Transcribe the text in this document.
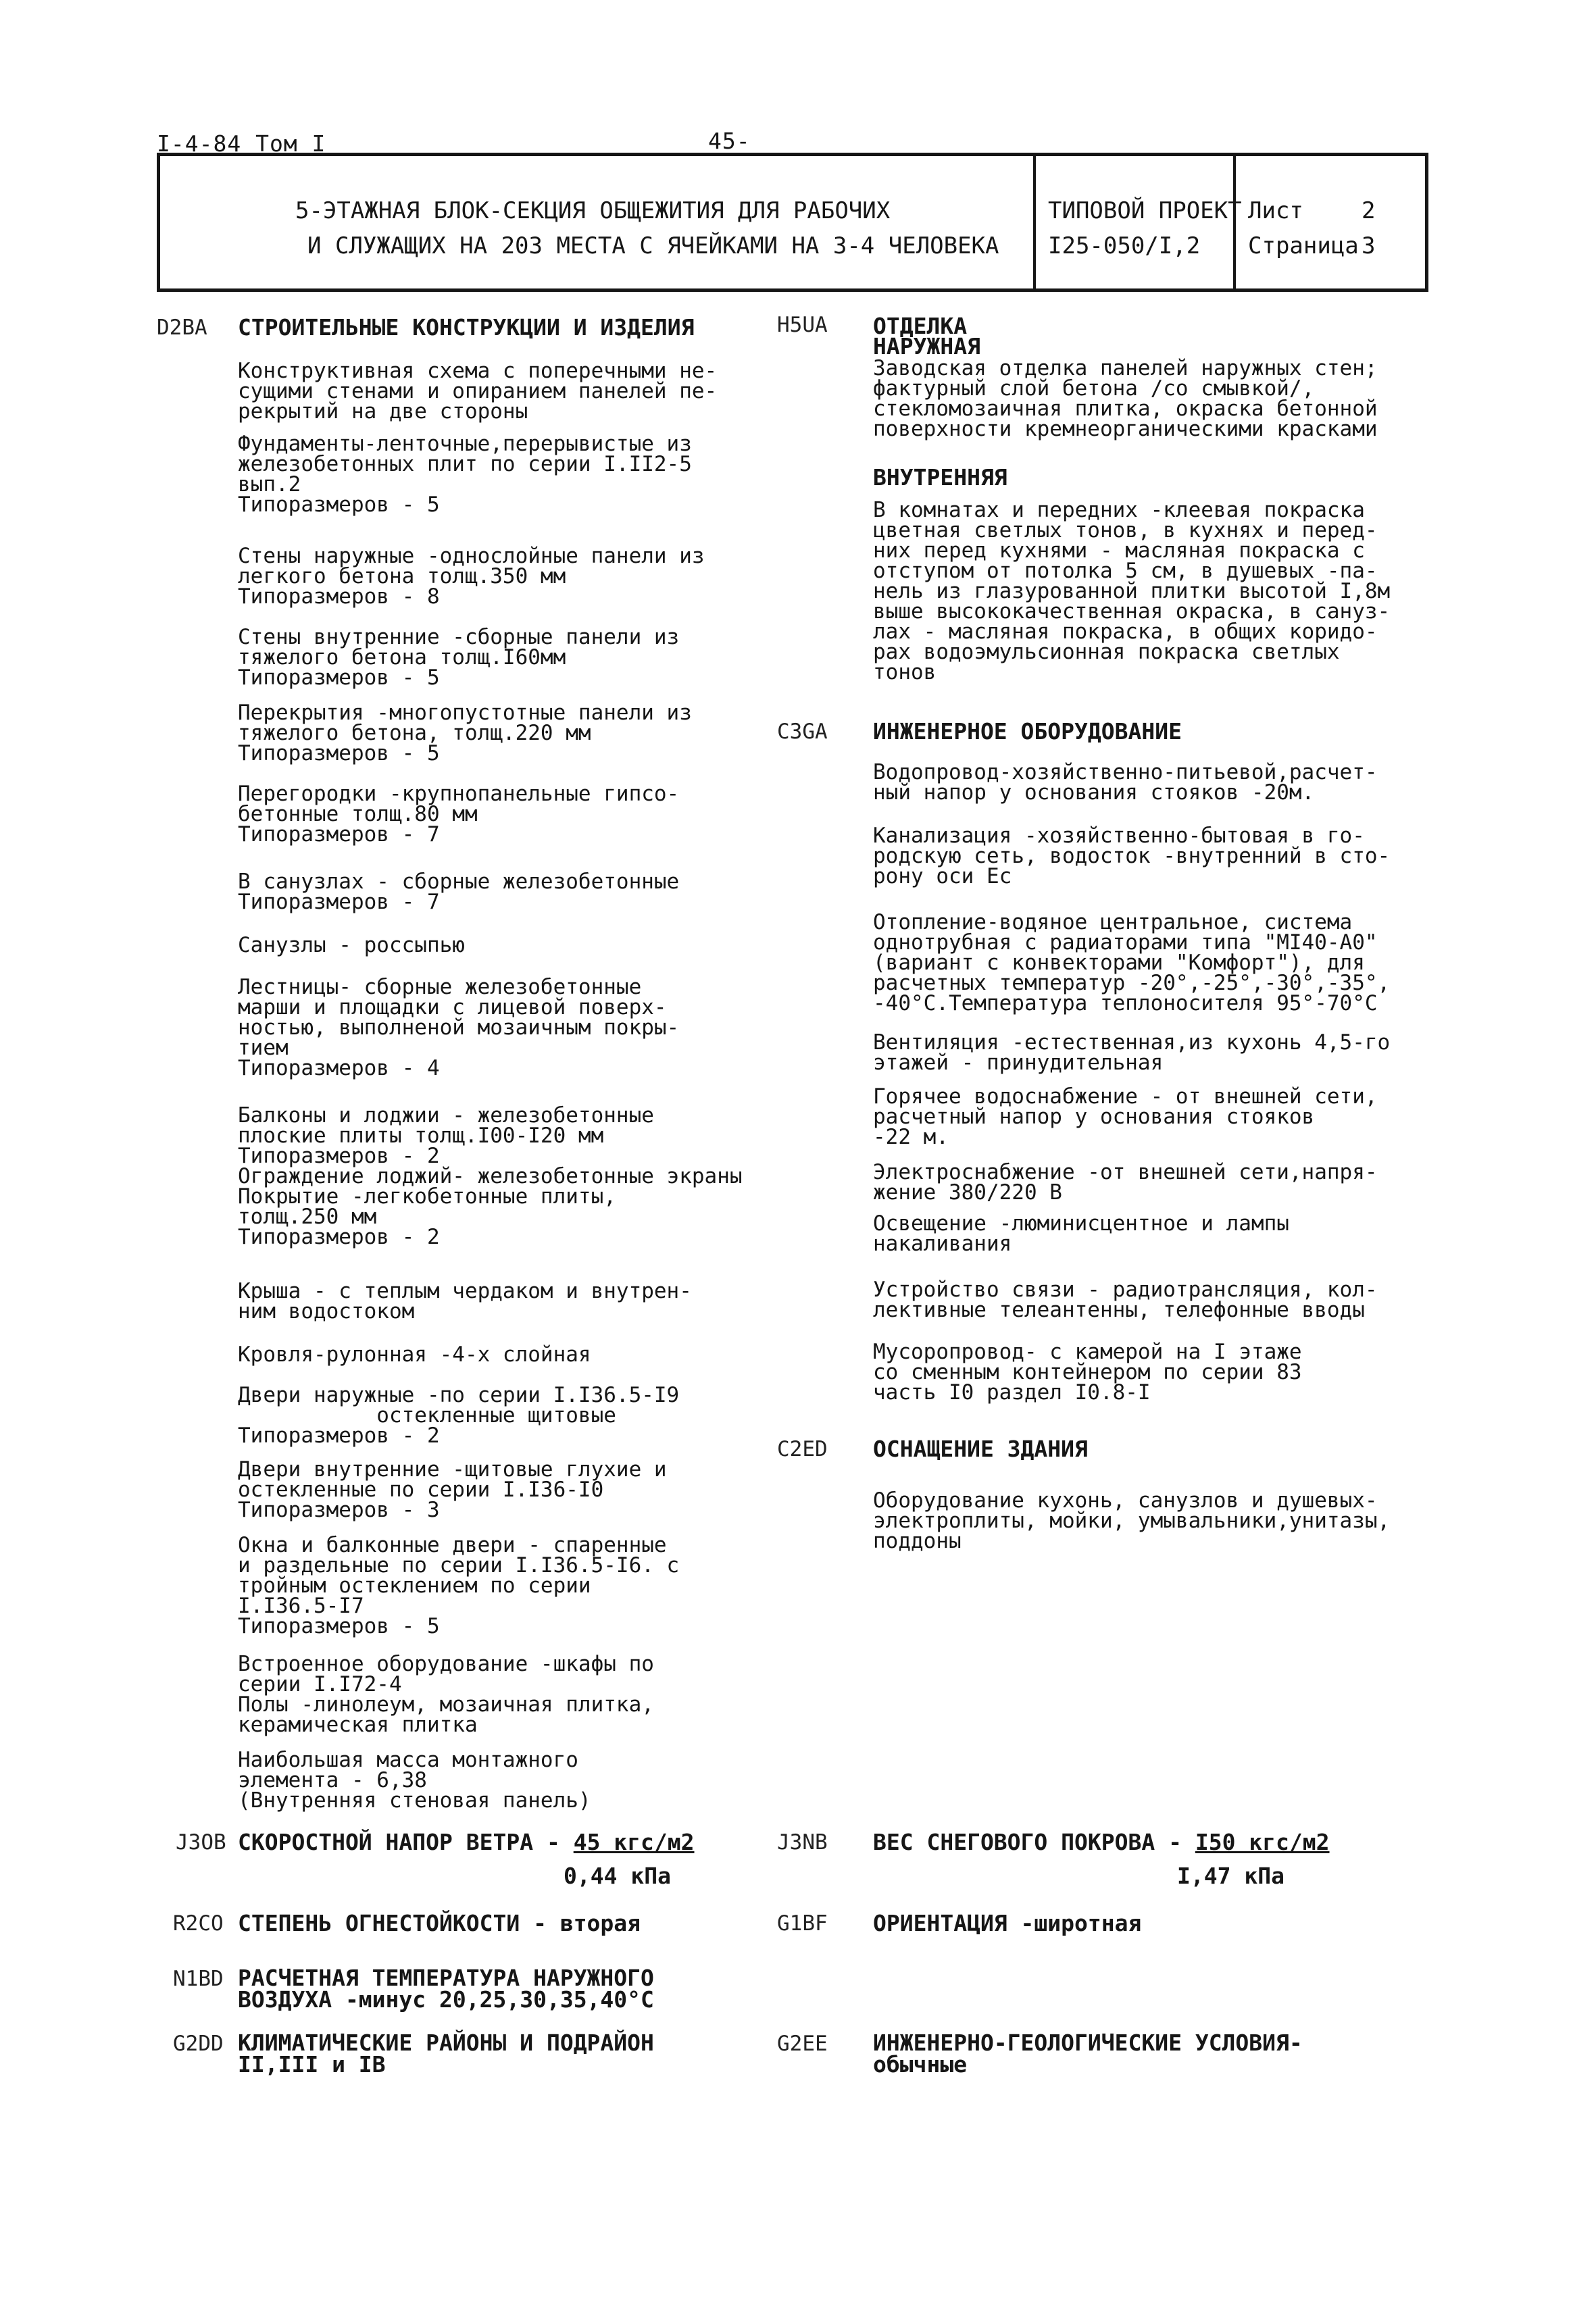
I-4-84 Том I	45-
5-ЭТАЖНАЯ БЛОК-СЕКЦИЯ ОБЩЕЖИТИЯ ДЛЯ РАБОЧИХ
И СЛУЖАЩИХ НА 203 МЕСТА С ЯЧЕЙКАМИ НА 3-4 ЧЕЛОВЕКА
ТИПОВОЙ ПРОЕКТ
I25-050/I,2
Лист	2
Страница 3
D2BA СТРОИТЕЛЬНЫЕ КОНСТРУКЦИИ И ИЗДЕЛИЯ
Конструктивная схема с поперечными не-
сущими стенами и опиранием панелей пе-
рекрытий на две стороны
Фундаменты-ленточные,перерывистые из
железобетонных плит по серии I.II2-5
вып.2
Типоразмеров - 5
Стены наружные -однослойные панели из
легкого бетона толщ.350 мм
Типоразмеров - 8
Стены внутренние -сборные панели из
тяжелого бетона толщ.I60мм
Типоразмеров - 5
Перекрытия -многопустотные панели из
тяжелого бетона, толщ.220 мм
Типоразмеров - 5
Перегородки -крупнопанельные гипсо-
бетонные толщ.80 мм
Типоразмеров - 7
В санузлах - сборные железобетонные
Типоразмеров - 7
Санузлы - россыпью
Лестницы- сборные железобетонные
марши и площадки с лицевой поверх-
ностью, выполненой мозаичным покры-
тием
Типоразмеров - 4
Балконы и лоджии - железобетонные
плоские плиты толщ.I00-I20 мм
Типоразмеров - 2
Ограждение лоджий- железобетонные экраны
Покрытие -легкобетонные плиты,
толщ.250 мм
Типоразмеров - 2
Крыша - с теплым чердаком и внутрен-
ним водостоком
Кровля-рулонная -4-х слойная
Двери наружные -по серии I.I36.5-I9
остекленные щитовые
Типоразмеров - 2
Двери внутренние -щитовые глухие и
остекленные по серии I.I36-I0
Типоразмеров - 3
Окна и балконные двери - спаренные
и раздельные по серии I.I36.5-I6. с
тройным остеклением по серии
I.I36.5-I7
Типоразмеров - 5
Встроенное оборудование -шкафы по
серии I.I72-4
Полы -линолеум, мозаичная плитка,
керамическая плитка
Наибольшая масса монтажного
элемента - 6,38
(Внутренняя стеновая панель)
H5UA ОТДЕЛКА
НАРУЖНАЯ
Заводская отделка панелей наружных стен;
фактурный слой бетона /со смывкой/,
стекломозаичная плитка, окраска бетонной
поверхности кремнеорганическими красками
ВНУТРЕННЯЯ
В комнатах и передних -клеевая покраска
цветная светлых тонов, в кухнях и перед-
них перед кухнями - масляная покраска с
отступом от потолка 5 см, в душевых -па-
нель из глазурованной плитки высотой I,8м
выше высококачественная окраска, в сануз-
лах - масляная покраска, в общих коридо-
рах водоэмульсионная покраска светлых
тонов
C3GA ИНЖЕНЕРНОЕ ОБОРУДОВАНИЕ
Водопровод-хозяйственно-питьевой,расчет-
ный напор у основания стояков -20м.
Канализация -хозяйственно-бытовая в го-
родскую сеть, водосток -внутренний в сто-
рону оси Ес
Отопление-водяное центральное, система
однотрубная с радиаторами типа "MI40-A0"
(вариант с конвекторами "Комфорт"), для
расчетных температур -20°,-25°,-30°,-35°,
-40°С.Температура теплоносителя 95°-70°С
Вентиляция -естественная,из кухонь 4,5-го
этажей - принудительная
Горячее водоснабжение - от внешней сети,
расчетный напор у основания стояков
-22 м.
Электроснабжение -от внешней сети,напря-
жение 380/220 В
Освещение -люминисцентное и лампы
накаливания
Устройство связи - радиотрансляция, кол-
лективные телеантенны, телефонные вводы
Мусоропровод- с камерой на I этаже
со сменным контейнером по серии 83
часть I0 раздел I0.8-I
C2ED ОСНАЩЕНИЕ ЗДАНИЯ
Оборудование кухонь, санузлов и душевых-
электроплиты, мойки, умывальники,унитазы,
поддоны
J3OB СКОРОСТНОЙ НАПОР ВЕТРА - 45 кгс/м2
0,44 кПа
J3NB ВЕС СНЕГОВОГО ПОКРОВА - I50 кгс/м2
I,47 кПа
R2CO СТЕПЕНЬ ОГНЕСТОЙКОСТИ - вторая	G1BF ОРИЕНТАЦИЯ -широтная
N1BD РАСЧЕТНАЯ ТЕМПЕРАТУРА НАРУЖНОГО
ВОЗДУХА -минус 20,25,30,35,40°С
G2DD КЛИМАТИЧЕСКИЕ РАЙОНЫ И ПОДРАЙОН
II,III и IB
G2EE ИНЖЕНЕРНО-ГЕОЛОГИЧЕСКИЕ УСЛОВИЯ-
обычные
